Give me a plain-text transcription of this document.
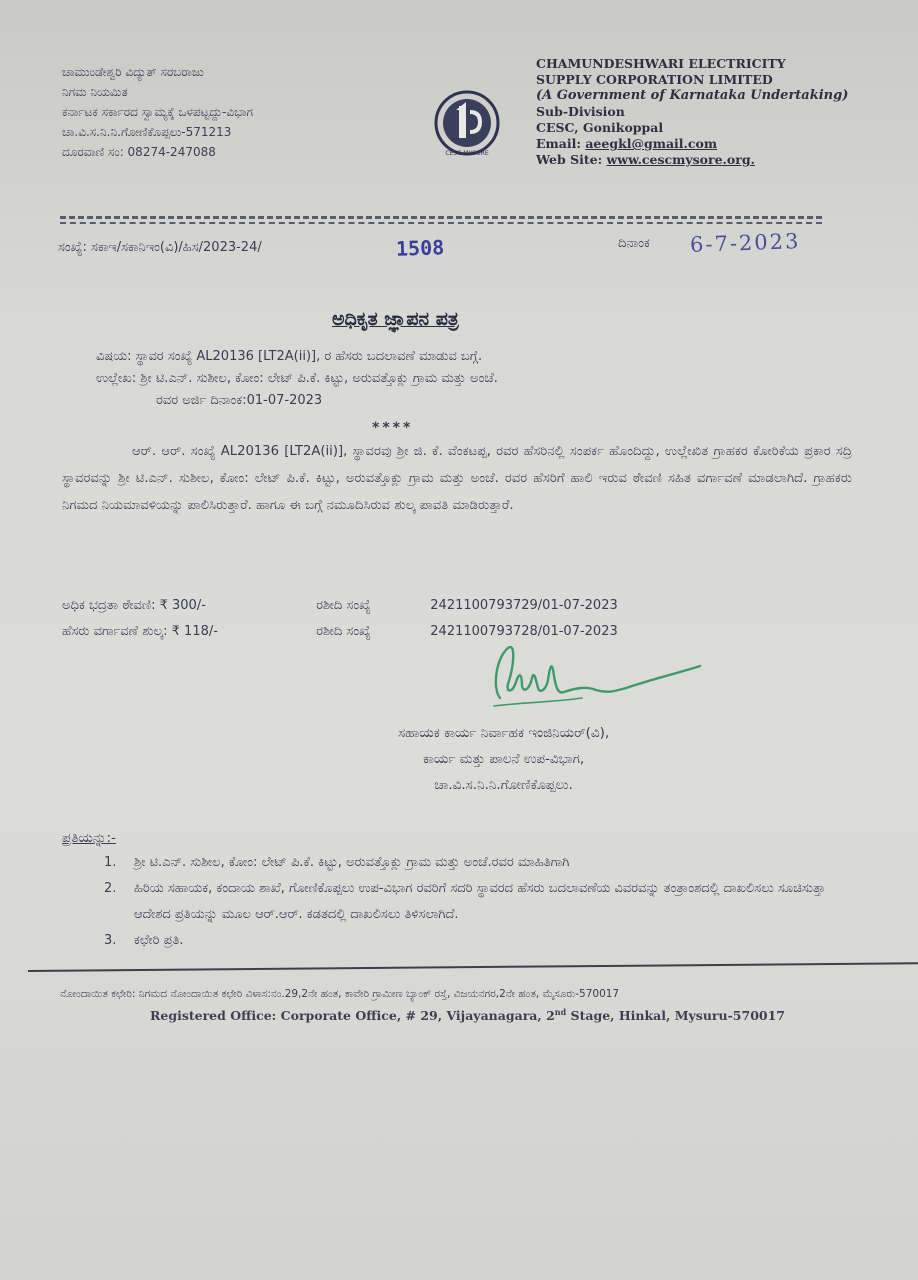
ಚಾಮುಂಡೇಶ್ವರಿ ವಿದ್ಯುತ್ ಸರಬರಾಜು
ನಿಗಮ ನಿಯಮಿತ
ಕರ್ನಾಟಕ ಸರ್ಕಾರದ ಸ್ವಾಮ್ಯಕ್ಕೆ ಒಳಪಟ್ಟದ್ದು-ವಿಭಾಗ
ಚಾ.ವಿ.ಸ.ನಿ.ನಿ.ಗೋಣಿಕೊಪ್ಪಲು-571213
ದೂರವಾಣಿ ಸಂ: 08274-247088	CESC MYSORE
CHAMUNDESHWARI ELECTRICITY
SUPPLY CORPORATION LIMITED
(A Government of Karnataka Undertaking)
Sub-Division
CESC, Gonikoppal
Email: aeegkl@gmail.com
Web Site: www.cescmysore.org.
ಸಂಖ್ಯೆ: ಸಕಾಇ/ಸಕಾನಿಇಂ(ವಿ)/ಹಿಸ/2023-24/	1508	ದಿನಾಂಕ 6-7-2023
ಅಧಿಕೃತ ಜ್ಞಾಪನ ಪತ್ರ
ವಿಷಯ: ಸ್ಥಾವರ ಸಂಖ್ಯೆ AL20136 [LT2A(ii)], ರ ಹೆಸರು ಬದಲಾವಣೆ ಮಾಡುವ ಬಗ್ಗೆ.
ಉಲ್ಲೇಖ: ಶ್ರೀ ಟಿ.ಎನ್. ಸುಶೀಲ, ಕೋಂ: ಲೇಟ್ ಪಿ.ಕೆ. ಕಿಟ್ಟು, ಅರುವತ್ತೊಕ್ಲು ಗ್ರಾಮ ಮತ್ತು ಅಂಚೆ.
ರವರ ಅರ್ಜಿ ದಿನಾಂಕ:01-07-2023
****
ಆರ್. ಆರ್. ಸಂಖ್ಯೆ AL20136 [LT2A(ii)], ಸ್ಥಾವರವು ಶ್ರೀ ಜಿ. ಕೆ. ವೆಂಕಟಪ್ಪ, ರವರ ಹೆಸರಿನಲ್ಲಿ ಸಂಪರ್ಕ ಹೊಂದಿದ್ದು, ಉಲ್ಲೇಖಿತ ಗ್ರಾಹಕರ ಕೋರಿಕೆಯ ಪ್ರಕಾರ ಸದ್ರಿ ಸ್ಥಾವರವನ್ನು ಶ್ರೀ ಟಿ.ಎನ್. ಸುಶೀಲ, ಕೋಂ: ಲೇಟ್ ಪಿ.ಕೆ. ಕಿಟ್ಟು, ಅರುವತ್ತೊಕ್ಲು ಗ್ರಾಮ ಮತ್ತು ಅಂಚೆ. ರವರ ಹೆಸರಿಗೆ ಹಾಲಿ ಇರುವ ಠೇವಣಿ ಸಹಿತ ವರ್ಗಾವಣೆ ಮಾಡಲಾಗಿದೆ. ಗ್ರಾಹಕರು ನಿಗಮದ ನಿಯಮಾವಳಿಯನ್ನು ಪಾಲಿಸಿರುತ್ತಾರೆ. ಹಾಗೂ ಈ ಬಗ್ಗೆ ನಮೂದಿಸಿರುವ ಶುಲ್ಕ ಪಾವತಿ ಮಾಡಿರುತ್ತಾರೆ.
ಅಧಿಕ ಭದ್ರತಾ ಠೇವಣಿ: ₹ 300/-	ರಶೀದಿ ಸಂಖ್ಯೆ	2421100793729/01-07-2023
ಹೆಸರು ವರ್ಗಾವಣೆ ಶುಲ್ಕ: ₹ 118/-	ರಶೀದಿ ಸಂಖ್ಯೆ	2421100793728/01-07-2023
ಸಹಾಯಕ ಕಾರ್ಯ ನಿರ್ವಾಹಕ ಇಂಜಿನಿಯರ್(ವಿ),
ಕಾರ್ಯ ಮತ್ತು ಪಾಲನೆ ಉಪ-ವಿಭಾಗ,
ಚಾ.ವಿ.ಸ.ನಿ.ನಿ.ಗೋಣಿಕೊಪ್ಪಲು.
ಪ್ರತಿಯನ್ನು:-
1. ಶ್ರೀ ಟಿ.ಎನ್. ಸುಶೀಲ, ಕೋಂ: ಲೇಟ್ ಪಿ.ಕೆ. ಕಿಟ್ಟು, ಅರುವತ್ತೊಕ್ಲು ಗ್ರಾಮ ಮತ್ತು ಅಂಚೆ.ರವರ ಮಾಹಿತಿಗಾಗಿ
2. ಹಿರಿಯ ಸಹಾಯಕ, ಕಂದಾಯ ಶಾಖೆ, ಗೋಣಿಕೊಪ್ಪಲು ಉಪ-ವಿಭಾಗ ರವರಿಗೆ ಸದರಿ ಸ್ಥಾವರದ ಹೆಸರು ಬದಲಾವಣೆಯ ವಿವರವನ್ನು ತಂತ್ರಾಂಶದಲ್ಲಿ ದಾಖಲಿಸಲು ಸೂಚಿಸುತ್ತಾ ಆದೇಶದ ಪ್ರತಿಯನ್ನು ಮೂಲ ಆರ್.ಆರ್. ಕಡತದಲ್ಲಿ ದಾಖಲಿಸಲು ತಿಳಿಸಲಾಗಿದೆ.
3. ಕಛೇರಿ ಪ್ರತಿ.
ನೋಂದಾಯಿತ ಕಛೇರಿ: ನಿಗಮದ ನೋಂದಾಯಿತ ಕಛೇರಿ ವಿಳಾಸ:ನಂ.29,2ನೇ ಹಂತ, ಕಾವೇರಿ ಗ್ರಾಮೀಣ ಬ್ಯಾಂಕ್ ರಸ್ತೆ, ವಿಜಯನಗರ,2ನೇ ಹಂತ, ಮೈಸೂರು-570017
Registered Office: Corporate Office, # 29, Vijayanagara, 2nd Stage, Hinkal, Mysuru-570017
